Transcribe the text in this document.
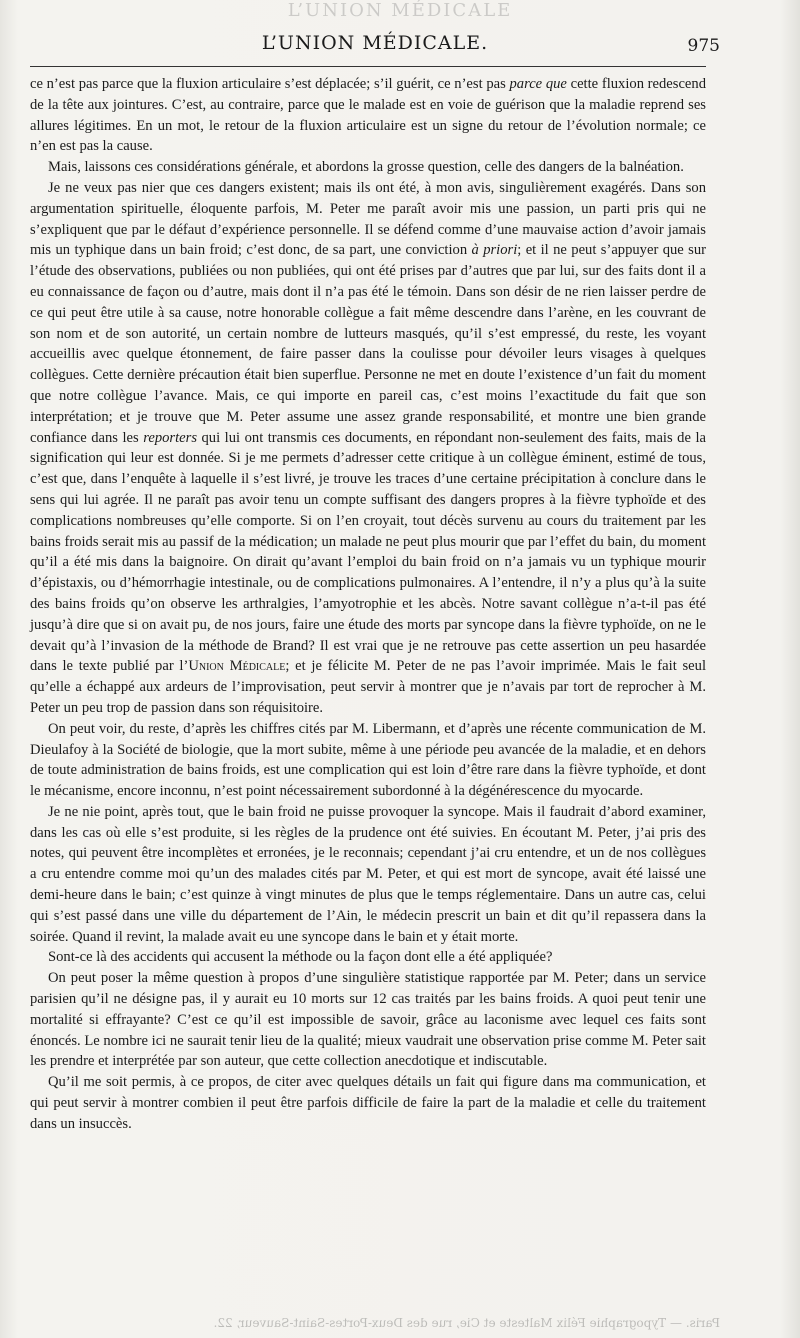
L’UNION MÉDICALE
L’UNION MÉDICALE.	975

ce n’est pas parce que la fluxion articulaire s’est déplacée; s’il guérit, ce n’est pas parce que cette fluxion redescend de la tête aux jointures. C’est, au contraire, parce que le malade est en voie de guérison que la maladie reprend ses allures légitimes. En un mot, le retour de la fluxion articulaire est un signe du retour de l’évolution normale; ce n’en est pas la cause.

Mais, laissons ces considérations générale, et abordons la grosse question, celle des dangers de la balnéation.

Je ne veux pas nier que ces dangers existent; mais ils ont été, à mon avis, singulièrement exagérés. Dans son argumentation spirituelle, éloquente parfois, M. Peter me paraît avoir mis une passion, un parti pris qui ne s’expliquent que par le défaut d’expérience personnelle. Il se défend comme d’une mauvaise action d’avoir jamais mis un typhique dans un bain froid; c’est donc, de sa part, une conviction à priori; et il ne peut s’appuyer que sur l’étude des observations, publiées ou non publiées, qui ont été prises par d’autres que par lui, sur des faits dont il a eu connaissance de façon ou d’autre, mais dont il n’a pas été le témoin. Dans son désir de ne rien laisser perdre de ce qui peut être utile à sa cause, notre honorable collègue a fait même descendre dans l’arène, en les couvrant de son nom et de son autorité, un certain nombre de lutteurs masqués, qu’il s’est empressé, du reste, les voyant accueillis avec quelque étonnement, de faire passer dans la coulisse pour dévoiler leurs visages à quelques collègues. Cette dernière précaution était bien superflue. Personne ne met en doute l’existence d’un fait du moment que notre collègue l’avance. Mais, ce qui importe en pareil cas, c’est moins l’exactitude du fait que son interprétation; et je trouve que M. Peter assume une assez grande responsabilité, et montre une bien grande confiance dans les reporters qui lui ont transmis ces documents, en répondant non-seulement des faits, mais de la signification qui leur est donnée. Si je me permets d’adresser cette critique à un collègue éminent, estimé de tous, c’est que, dans l’enquête à laquelle il s’est livré, je trouve les traces d’une certaine précipitation à conclure dans le sens qui lui agrée. Il ne paraît pas avoir tenu un compte suffisant des dangers propres à la fièvre typhoïde et des complications nombreuses qu’elle comporte. Si on l’en croyait, tout décès survenu au cours du traitement par les bains froids serait mis au passif de la médication; un malade ne peut plus mourir que par l’effet du bain, du moment qu’il a été mis dans la baignoire. On dirait qu’avant l’emploi du bain froid on n’a jamais vu un typhique mourir d’épistaxis, ou d’hémorrhagie intestinale, ou de complications pulmonaires. A l’entendre, il n’y a plus qu’à la suite des bains froids qu’on observe les arthralgies, l’amyotrophie et les abcès. Notre savant collègue n’a-t-il pas été jusqu’à dire que si on avait pu, de nos jours, faire une étude des morts par syncope dans la fièvre typhoïde, on ne le devait qu’à l’invasion de la méthode de Brand? Il est vrai que je ne retrouve pas cette assertion un peu hasardée dans le texte publié par l’Union Médicale; et je félicite M. Peter de ne pas l’avoir imprimée. Mais le fait seul qu’elle a échappé aux ardeurs de l’improvisation, peut servir à montrer que je n’avais par tort de reprocher à M. Peter un peu trop de passion dans son réquisitoire.

On peut voir, du reste, d’après les chiffres cités par M. Libermann, et d’après une récente communication de M. Dieulafoy à la Société de biologie, que la mort subite, même à une période peu avancée de la maladie, et en dehors de toute administration de bains froids, est une complication qui est loin d’être rare dans la fièvre typhoïde, et dont le mécanisme, encore inconnu, n’est point nécessairement subordonné à la dégénérescence du myocarde.

Je ne nie point, après tout, que le bain froid ne puisse provoquer la syncope. Mais il faudrait d’abord examiner, dans les cas où elle s’est produite, si les règles de la prudence ont été suivies. En écoutant M. Peter, j’ai pris des notes, qui peuvent être incomplètes et erronées, je le reconnais; cependant j’ai cru entendre, et un de nos collègues a cru entendre comme moi qu’un des malades cités par M. Peter, et qui est mort de syncope, avait été laissé une demi-heure dans le bain; c’est quinze à vingt minutes de plus que le temps réglementaire. Dans un autre cas, celui qui s’est passé dans une ville du département de l’Ain, le médecin prescrit un bain et dit qu’il repassera dans la soirée. Quand il revint, la malade avait eu une syncope dans le bain et y était morte.

Sont-ce là des accidents qui accusent la méthode ou la façon dont elle a été appliquée?

On peut poser la même question à propos d’une singulière statistique rapportée par M. Peter; dans un service parisien qu’il ne désigne pas, il y aurait eu 10 morts sur 12 cas traités par les bains froids. A quoi peut tenir une mortalité si effrayante? C’est ce qu’il est impossible de savoir, grâce au laconisme avec lequel ces faits sont énoncés. Le nombre ici ne saurait tenir lieu de la qualité; mieux vaudrait une observation prise comme M. Peter sait les prendre et interprétée par son auteur, que cette collection anecdotique et indiscutable.

Qu’il me soit permis, à ce propos, de citer avec quelques détails un fait qui figure dans ma communication, et qui peut servir à montrer combien il peut être parfois difficile de faire la part de la maladie et celle du traitement dans un insuccès.

Paris. — Typographie Félix Malteste et Cie, rue des Deux-Portes-Saint-Sauveur, 22.
